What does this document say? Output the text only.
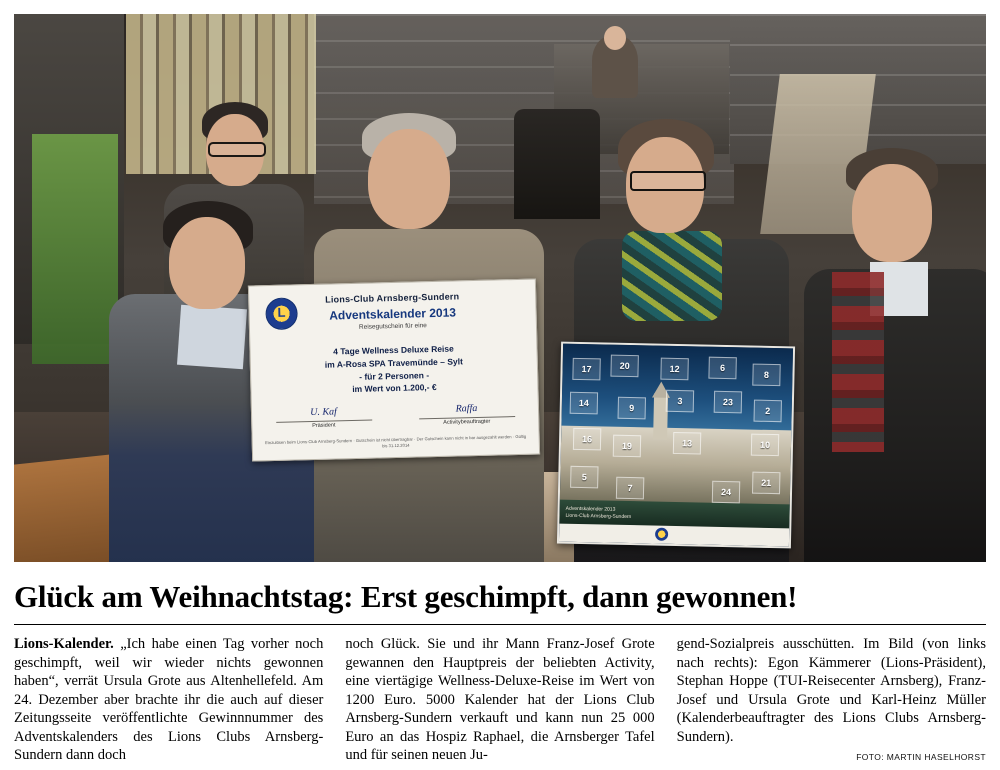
L
Lions-Club Arnsberg-Sundern
Adventskalender 2013
Reisegutschein für eine
4 Tage Wellness Deluxe Reise
im A-Rosa SPA Travemünde – Sylt
- für 2 Personen -
im Wert von 1.200,- €
U. Kaf
Präsident
Raffa
Activitybeauftragter
Einzulösen beim Lions-Club Arnsberg-Sundern · Gutschein ist nicht übertragbar · Der Gutschein kann nicht in bar ausgezahlt werden · Gültig bis 31.12.2014
Adventskalender 2013
Lions-Club Arnsberg-Sundern
17	20	12	6
8
14	9
3	23
2
16
19	13	10
5
21
7	24
Glück am Weihnachtstag: Erst geschimpft, dann gewonnen!
Lions-Kalender. „Ich habe einen Tag vorher noch geschimpft, weil wir wieder nichts gewonnen haben“, verrät Ursula Grote aus Altenhellefeld. Am 24. Dezember aber brachte ihr die auch auf dieser Zeitungsseite veröffentlichte Gewinnnummer des Adventskalenders des Lions Clubs Arnsberg-Sundern dann doch
noch Glück. Sie und ihr Mann Franz-Josef Grote gewannen den Hauptpreis der beliebten Activity, eine viertägige Wellness-Deluxe-Reise im Wert von 1200 Euro. 5000 Kalender hat der Lions Club Arnsberg-Sundern verkauft und kann nun 25 000 Euro an das Hospiz Raphael, die Arnsberger Tafel und für seinen neuen Ju-
gend-Sozialpreis ausschütten. Im Bild (von links nach rechts): Egon Kämmerer (Lions-Präsident), Stephan Hoppe (TUI-Reisecenter Arnsberg), Franz-Josef und Ursula Grote und Karl-Heinz Müller (Kalenderbeauftragter des Lions Clubs Arnsberg-Sundern).
FOTO: MARTIN HASELHORST
